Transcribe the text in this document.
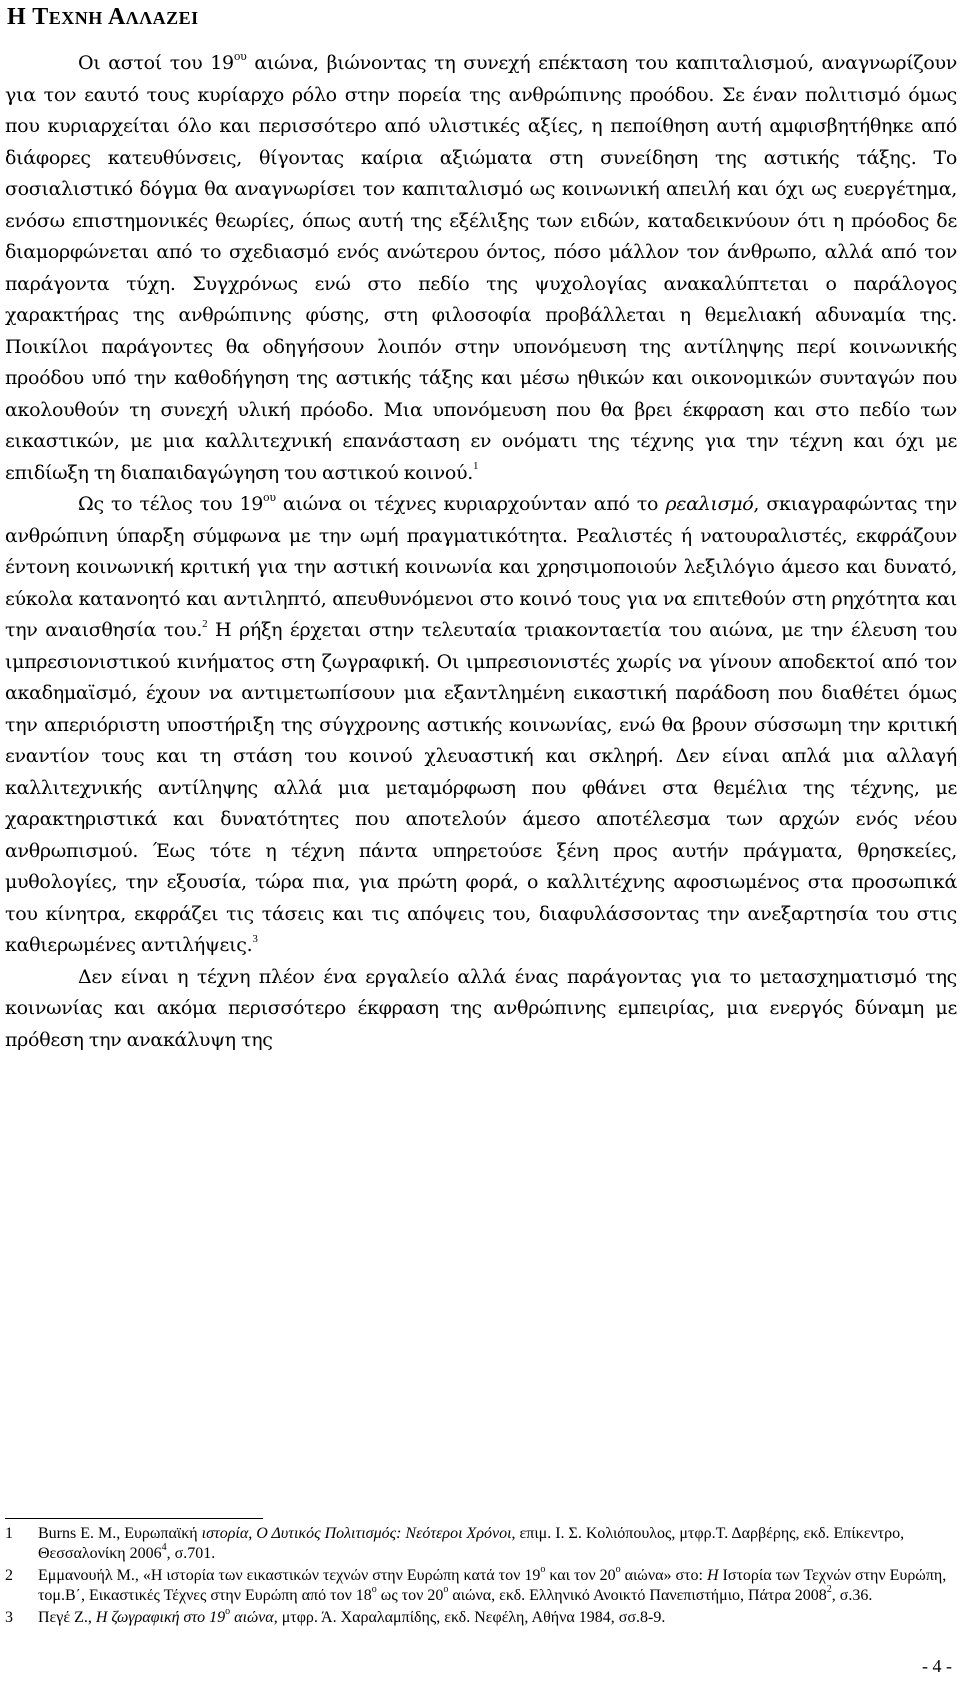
Η ΤΕΧΝΗ ΑΛΛΑΖΕΙ

Οι αστοί του $19^{o\upsilon}$ αιώνα, βιώνοντας τη συνεχή επέκταση του καπιταλισμού, αναγνωρίζουν για τον εαυτό τους κυρίαρχο ρόλο στην πορεία της ανθρώπινης προόδου. Σε έναν πολιτισμό όμως που κυριαρχείται όλο και περισσότερο από υλιστικές αξίες, η πεποίθηση αυτή αμφισβητήθηκε από διάφορες κατευθύνσεις, θίγοντας καίρια αξιώματα στη συνείδηση της αστικής τάξης. Το σοσιαλιστικό δόγμα θα αναγνωρίσει τον καπιταλισμό ως κοινωνική απειλή και όχι ως ευεργέτημα, ενόσω επιστημονικές θεωρίες, όπως αυτή της εξέλιξης των ειδών, καταδεικνύουν ότι η πρόοδος δε διαμορφώνεται από το σχεδιασμό ενός ανώτερου όντος, πόσο μάλλον τον άνθρωπο, αλλά από τον παράγοντα τύχη. Συγχρόνως ενώ στο πεδίο της ψυχολογίας ανακαλύπτεται ο παράλογος χαρακτήρας της ανθρώπινης φύσης, στη φιλοσοφία προβάλλεται η θεμελιακή αδυναμία της. Ποικίλοι παράγοντες θα οδηγήσουν λοιπόν στην υπονόμευση της αντίληψης περί κοινωνικής προόδου υπό την καθοδήγηση της αστικής τάξης και μέσω ηθικών και οικονομικών συνταγών που ακολουθούν τη συνεχή υλική πρόοδο. Μια υπονόμευση που θα βρει έκφραση και στο πεδίο των εικαστικών, με μια καλλιτεχνική επανάσταση εν ονόματι της τέχνης για την τέχνη και όχι με επιδίωξη τη διαπαιδαγώγηση του αστικού κοινού.$^1$

Ως το τέλος του $19^{o\upsilon}$ αιώνα οι τέχνες κυριαρχούνταν από το ρεαλισμό, σκιαγραφώντας την ανθρώπινη ύπαρξη σύμφωνα με την ωμή πραγματικότητα. Ρεαλιστές ή νατουραλιστές, εκφράζουν έντονη κοινωνική κριτική για την αστική κοινωνία και χρησιμοποιούν λεξιλόγιο άμεσο και δυνατό, εύκολα κατανοητό και αντιληπτό, απευθυνόμενοι στο κοινό τους για να επιτεθούν στη ρηχότητα και την αναισθησία του.$^2$ Η ρήξη έρχεται στην τελευταία τριακονταετία του αιώνα, με την έλευση του ιμπρεσιονιστικού κινήματος στη ζωγραφική. Οι ιμπρεσιονιστές χωρίς να γίνουν αποδεκτοί από τον ακαδημαϊσμό, έχουν να αντιμετωπίσουν μια εξαντλημένη εικαστική παράδοση που διαθέτει όμως την απεριόριστη υποστήριξη της σύγχρονης αστικής κοινωνίας, ενώ θα βρουν σύσσωμη την κριτική εναντίον τους και τη στάση του κοινού χλευαστική και σκληρή. Δεν είναι απλά μια αλλαγή καλλιτεχνικής αντίληψης αλλά μια μεταμόρφωση που φθάνει στα θεμέλια της τέχνης, με χαρακτηριστικά και δυνατότητες που αποτελούν άμεσο αποτέλεσμα των αρχών ενός νέου ανθρωπισμού. Έως τότε η τέχνη πάντα υπηρετούσε ξένη προς αυτήν πράγματα, θρησκείες, μυθολογίες, την εξουσία, τώρα πια, για πρώτη φορά, ο καλλιτέχνης αφοσιωμένος στα προσωπικά του κίνητρα, εκφράζει τις τάσεις και τις απόψεις του, διαφυλάσσοντας την ανεξαρτησία του στις καθιερωμένες αντιλήψεις.$^3$

Δεν είναι η τέχνη πλέον ένα εργαλείο αλλά ένας παράγοντας για το μετασχηματισμό της κοινωνίας και ακόμα περισσότερο έκφραση της ανθρώπινης εμπειρίας, μια ενεργός δύναμη με πρόθεση την ανακάλυψη της

1 Burns E. M., Ευρωπαϊκή ιστορία, Ο Δυτικός Πολιτισμός: Νεότεροι Χρόνοι, επιμ. Ι. Σ. Κολιόπουλος, μτφρ.Τ. Δαρβέρης, εκδ. Επίκεντρο, Θεσσαλονίκη 2006$^4$, σ.701.
2 Εμμανουήλ Μ., «Η ιστορία των εικαστικών τεχνών στην Ευρώπη κατά τον $19^o$ και τον $20^o$ αιώνα» στο: Η Ιστορία των Τεχνών στην Ευρώπη, τομ.Β΄, Εικαστικές Τέχνες στην Ευρώπη από τον $18^o$ ως τον $20^o$ αιώνα, εκδ. Ελληνικό Ανοικτό Πανεπιστήμιο, Πάτρα 2008$^2$, σ.36.
3 Πεγέ Ζ., Η ζωγραφική στο $19^o$ αιώνα, μτφρ. Ά. Χαραλαμπίδης, εκδ. Νεφέλη, Αθήνα 1984, σσ.8-9.
- 4 -
